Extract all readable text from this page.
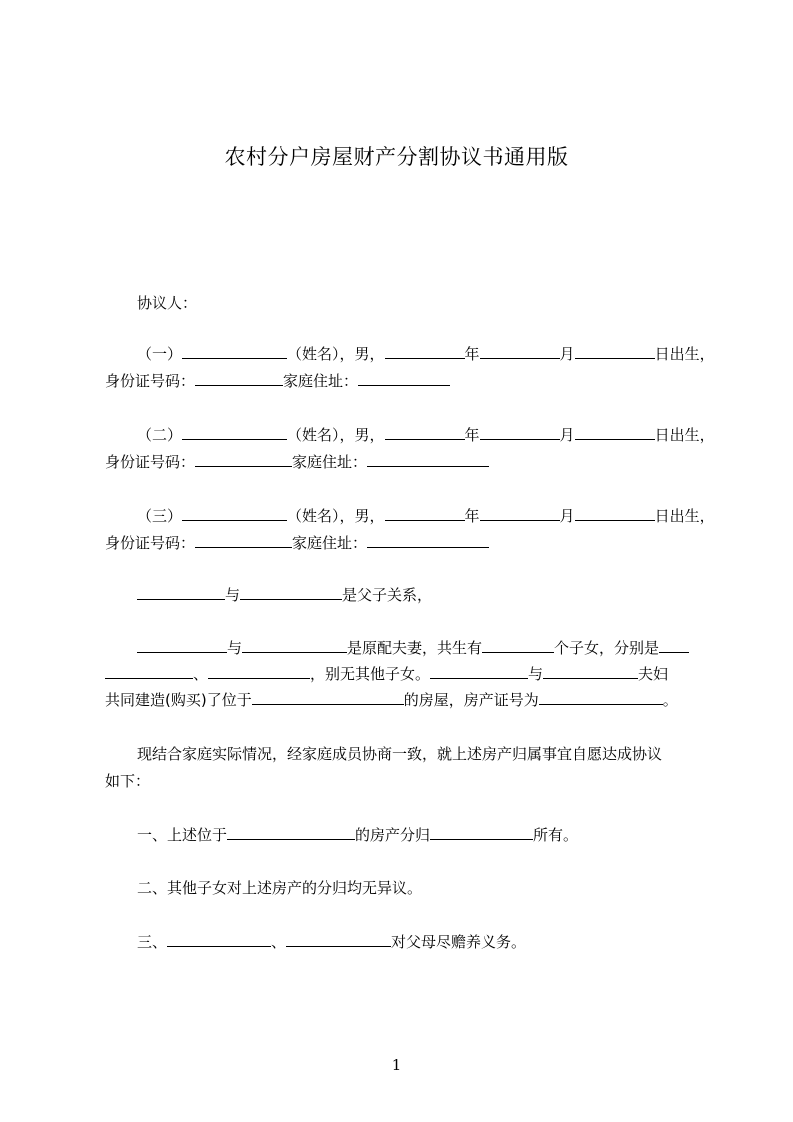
农村分户房屋财产分割协议书通用版
协议人：
（一）	（姓名），男，	年	月	日出生，
身份证号码：	家庭住址：
（二）	（姓名），男，	年	月	日出生，
身份证号码：	家庭住址：
（三）	（姓名），男，	年	月	日出生，
身份证号码：	家庭住址：
与	是父子关系，
与	是原配夫妻，共生有	个子女，分别是
、	，别无其他子女。	与	夫妇
共同建造(购买)了位于	的房屋，房产证号为	。
现结合家庭实际情况，经家庭成员协商一致，就上述房产归属事宜自愿达成协议
如下：
一、上述位于	的房产分归	所有。
二、其他子女对上述房产的分归均无异议。
三、	、	对父母尽赡养义务。
1
